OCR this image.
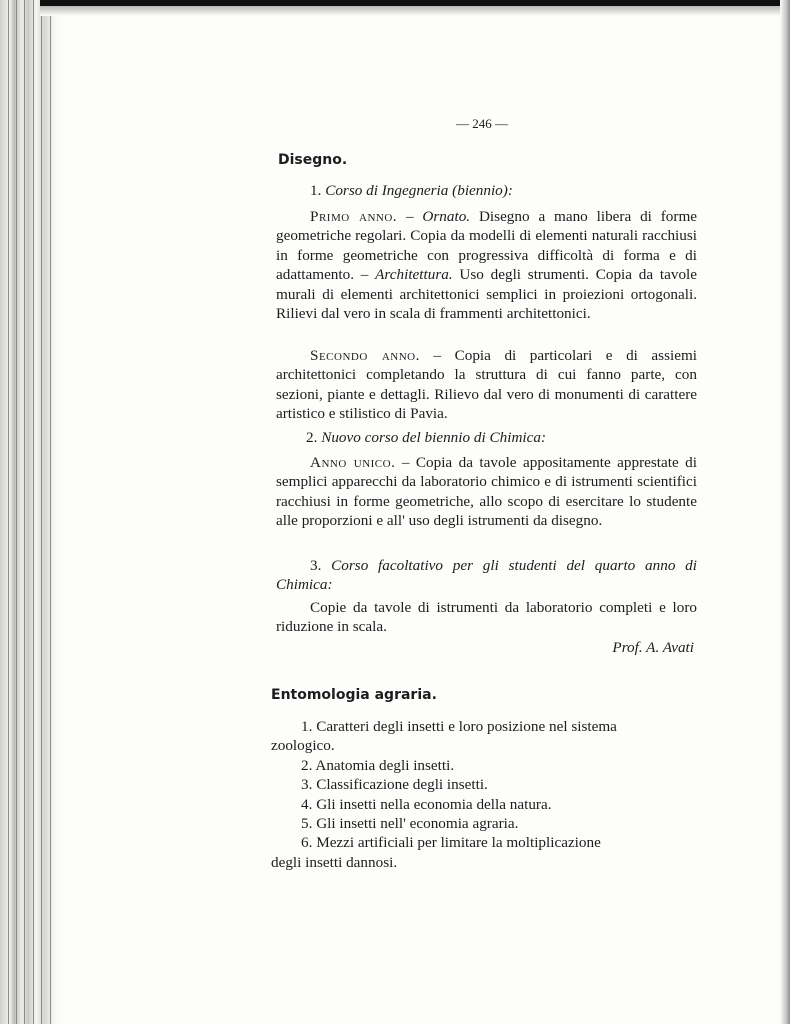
— 246 —
Disegno.
1. Corso di Ingegneria (biennio):
Primo anno. – Ornato. Disegno a mano libera di forme geometriche regolari. Copia da modelli di elementi naturali racchiusi in forme geometriche con progressiva difficoltà di forma e di adattamento. – Architettura. Uso degli strumenti. Copia da tavole murali di elementi architettonici semplici in proiezioni ortogonali. Rilievi dal vero in scala di frammenti architettonici.
Secondo anno. – Copia di particolari e di assiemi architettonici completando la struttura di cui fanno parte, con sezioni, piante e dettagli. Rilievo dal vero di monumenti di carattere artistico e stilistico di Pavia.
2. Nuovo corso del biennio di Chimica:
Anno unico. – Copia da tavole appositamente apprestate di semplici apparecchi da laboratorio chimico e di istrumenti scientifici racchiusi in forme geometriche, allo scopo di esercitare lo studente alle proporzioni e all' uso degli istrumenti da disegno.
3. Corso facoltativo per gli studenti del quarto anno di Chimica:
Copie da tavole di istrumenti da laboratorio completi e loro riduzione in scala.
Prof. A. Avati
Entomologia agraria.
1. Caratteri degli insetti e loro posizione nel sistema
zoologico.
2. Anatomia degli insetti.
3. Classificazione degli insetti.
4. Gli insetti nella economia della natura.
5. Gli insetti nell' economia agraria.
6. Mezzi artificiali per limitare la moltiplicazione
degli insetti dannosi.
